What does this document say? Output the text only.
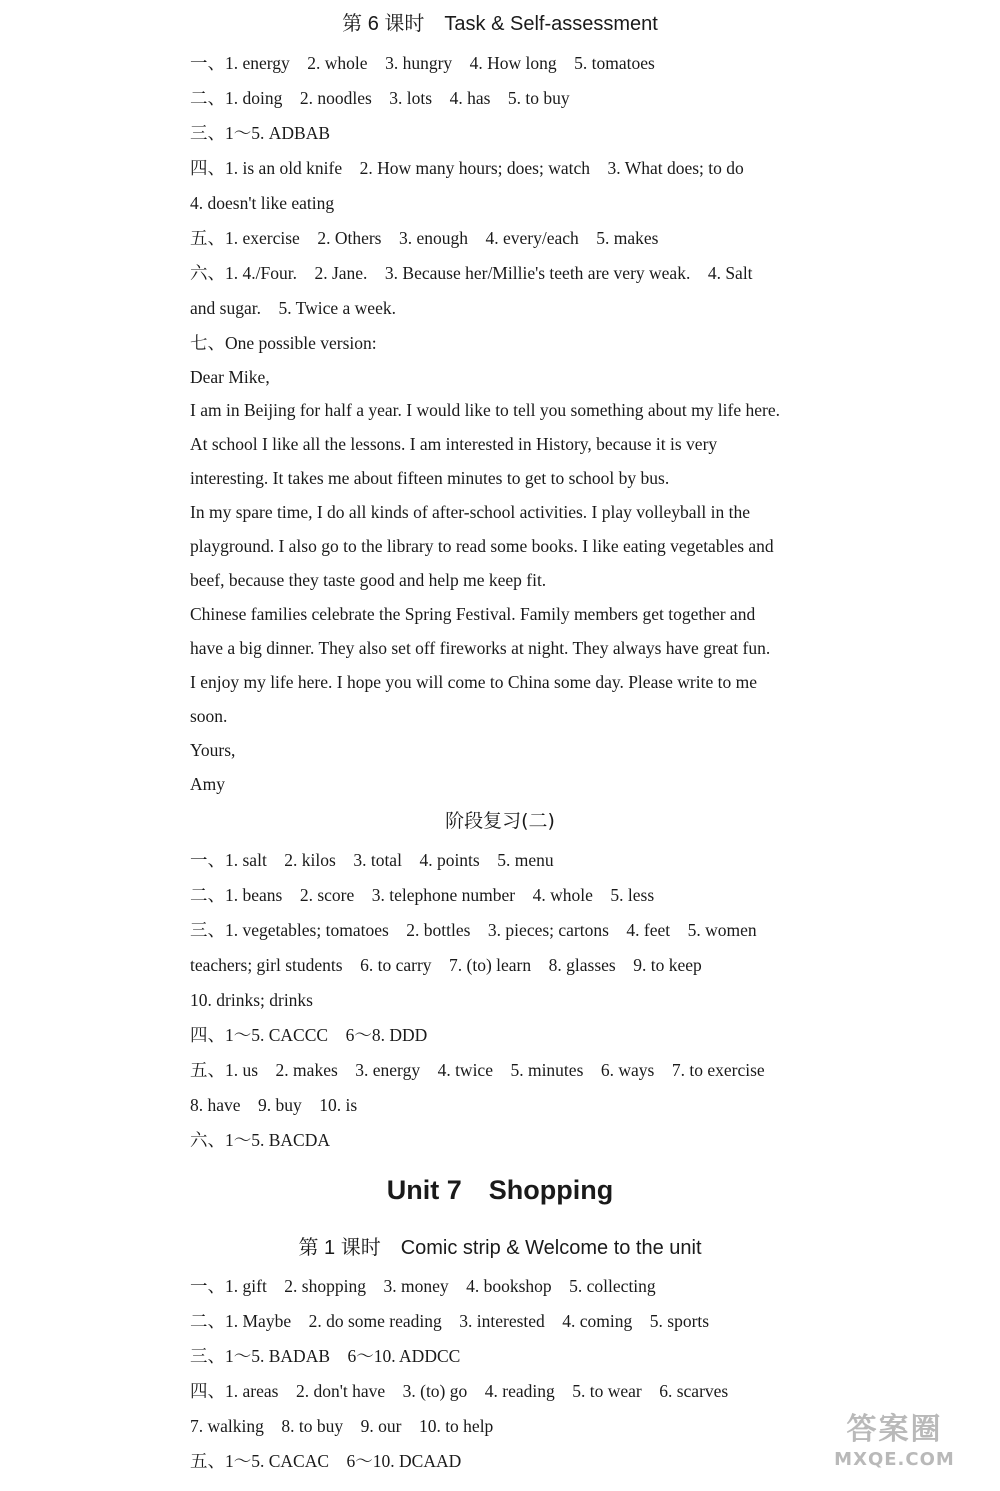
第 6 课时　Task & Self-assessment
一、1. energy　2. whole　3. hungry　4. How long　5. tomatoes
二、1. doing　2. noodles　3. lots　4. has　5. to buy
三、1～5. ADBAB
四、1. is an old knife　2. How many hours; does; watch　3. What does; to do
4. doesn't like eating
五、1. exercise　2. Others　3. enough　4. every/each　5. makes
六、1. 4./Four.　2. Jane.　3. Because her/Millie's teeth are very weak.　4. Salt
and sugar.　5. Twice a week.
七、One possible version:
Dear Mike,
I am in Beijing for half a year. I would like to tell you something about my life here.
At school I like all the lessons. I am interested in History, because it is very
interesting. It takes me about fifteen minutes to get to school by bus.
In my spare time, I do all kinds of after-school activities. I play volleyball in the
playground. I also go to the library to read some books. I like eating vegetables and
beef, because they taste good and help me keep fit.
Chinese families celebrate the Spring Festival. Family members get together and
have a big dinner. They also set off fireworks at night. They always have great fun.
I enjoy my life here. I hope you will come to China some day. Please write to me
soon.
Yours,
Amy
阶段复习(二)
一、1. salt　2. kilos　3. total　4. points　5. menu
二、1. beans　2. score　3. telephone number　4. whole　5. less
三、1. vegetables; tomatoes　2. bottles　3. pieces; cartons　4. feet　5. women
teachers; girl students　6. to carry　7. (to) learn　8. glasses　9. to keep
10. drinks; drinks
四、1～5. CACCC　6～8. DDD
五、1. us　2. makes　3. energy　4. twice　5. minutes　6. ways　7. to exercise
8. have　9. buy　10. is
六、1～5. BACDA
Unit 7　Shopping
第 1 课时　Comic strip & Welcome to the unit
一、1. gift　2. shopping　3. money　4. bookshop　5. collecting
二、1. Maybe　2. do some reading　3. interested　4. coming　5. sports
三、1～5. BADAB　6～10. ADDCC
四、1. areas　2. don't have　3. (to) go　4. reading　5. to wear　6. scarves
7. walking　8. to buy　9. our　10. to help
五、1～5. CACAC　6～10. DCAAD
答案圈
MXQE.COM
